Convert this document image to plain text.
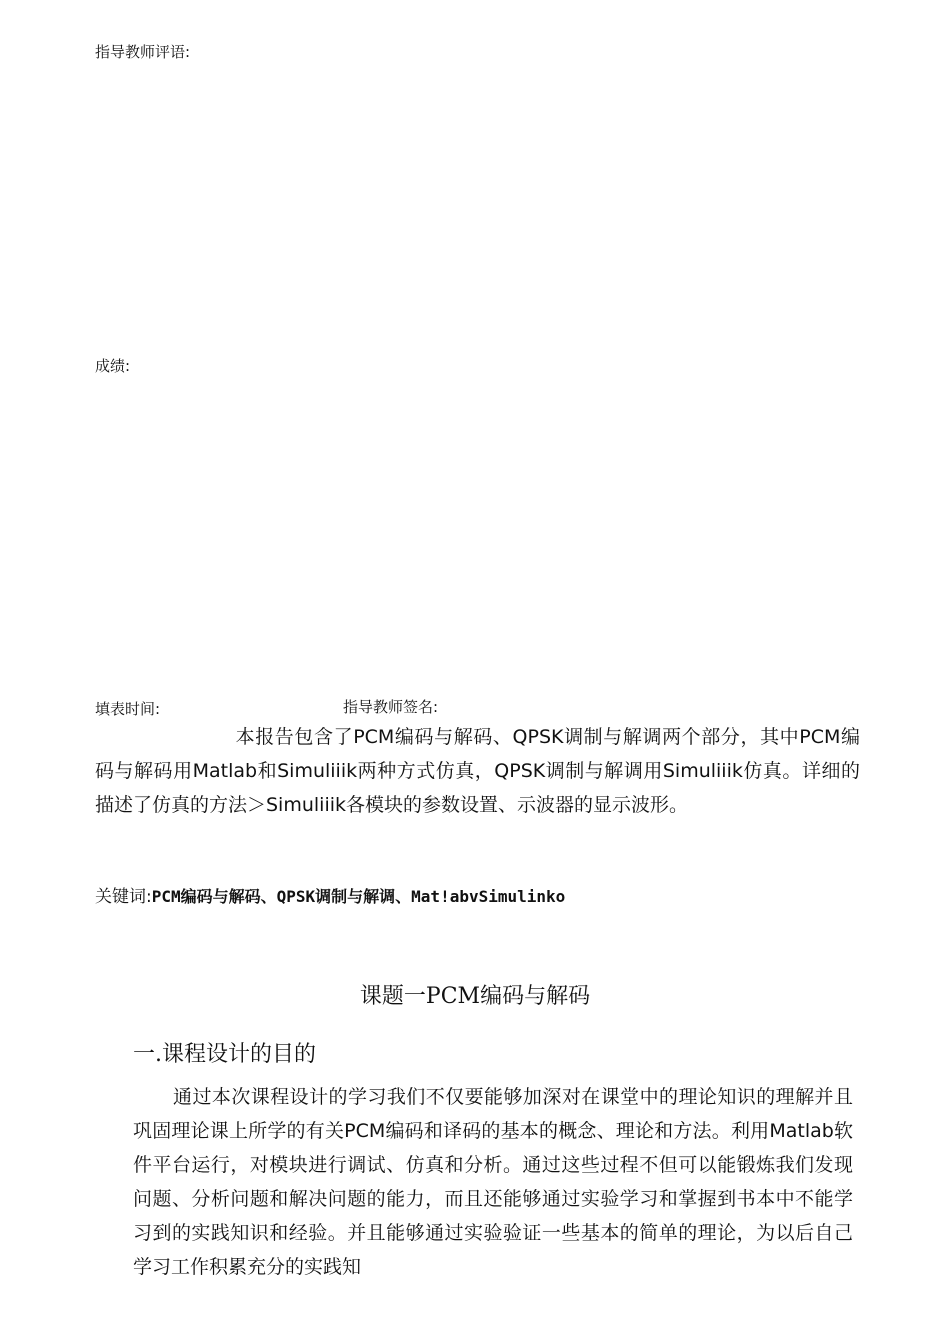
指导教师评语:
成绩:
填表时间:	指导教师签名:
本报告包含了PCM编码与解码、QPSK调制与解调两个部分，其中PCM编码与解码用Matlab和Simuliiik两种方式仿真，QPSK调制与解调用Simuliiik仿真。详细的描述了仿真的方法＞Simuliiik各模块的参数设置、示波器的显示波形。
关键词:PCM编码与解码、QPSK调制与解调、Mat!abvSimulinko
课题一PCM编码与解码
一.课程设计的目的
通过本次课程设计的学习我们不仅要能够加深对在课堂中的理论知识的理解并且巩固理论课上所学的有关PCM编码和译码的基本的概念、理论和方法。利用Matlab软件平台运行，对模块进行调试、仿真和分析。通过这些过程不但可以能锻炼我们发现问题、分析问题和解决问题的能力，而且还能够通过实验学习和掌握到书本中不能学习到的实践知识和经验。并且能够通过实验验证一些基本的简单的理论，为以后自己学习工作积累充分的实践知
